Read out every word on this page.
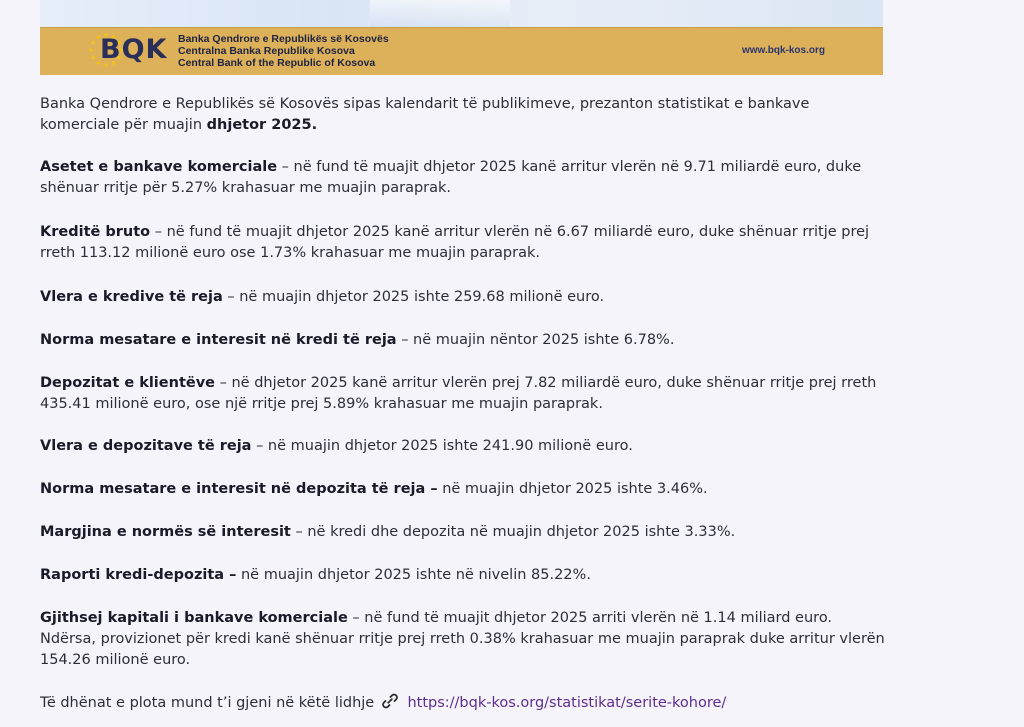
BQK Banka Qendrore e Republikës së Kosovës
Centralna Banka Republike Kosova
Central Bank of the Republic of Kosova
www.bqk-kos.org

Banka Qendrore e Republikës së Kosovës sipas kalendarit të publikimeve, prezanton statistikat e bankave komerciale për muajin dhjetor 2025.

Asetet e bankave komerciale – në fund të muajit dhjetor 2025 kanë arritur vlerën në 9.71 miliardë euro, duke shënuar rritje për 5.27% krahasuar me muajin paraprak.

Kreditë bruto – në fund të muajit dhjetor 2025 kanë arritur vlerën në 6.67 miliardë euro, duke shënuar rritje prej rreth 113.12 milionë euro ose 1.73% krahasuar me muajin paraprak.

Vlera e kredive të reja – në muajin dhjetor 2025 ishte 259.68 milionë euro.

Norma mesatare e interesit në kredi të reja – në muajin nëntor 2025 ishte 6.78%.

Depozitat e klientëve – në dhjetor 2025 kanë arritur vlerën prej 7.82 miliardë euro, duke shënuar rritje prej rreth 435.41 milionë euro, ose një rritje prej 5.89% krahasuar me muajin paraprak.

Vlera e depozitave të reja – në muajin dhjetor 2025 ishte 241.90 milionë euro.

Norma mesatare e interesit në depozita të reja – në muajin dhjetor 2025 ishte 3.46%.

Margjina e normës së interesit – në kredi dhe depozita në muajin dhjetor 2025 ishte 3.33%.

Raporti kredi-depozita – në muajin dhjetor 2025 ishte në nivelin 85.22%.

Gjithsej kapitali i bankave komerciale – në fund të muajit dhjetor 2025 arriti vlerën në 1.14 miliard euro. Ndërsa, provizionet për kredi kanë shënuar rritje prej rreth 0.38% krahasuar me muajin paraprak duke arritur vlerën 154.26 milionë euro.

Të dhënat e plota mund t’i gjeni në këtë lidhje https://bqk-kos.org/statistikat/serite-kohore/
